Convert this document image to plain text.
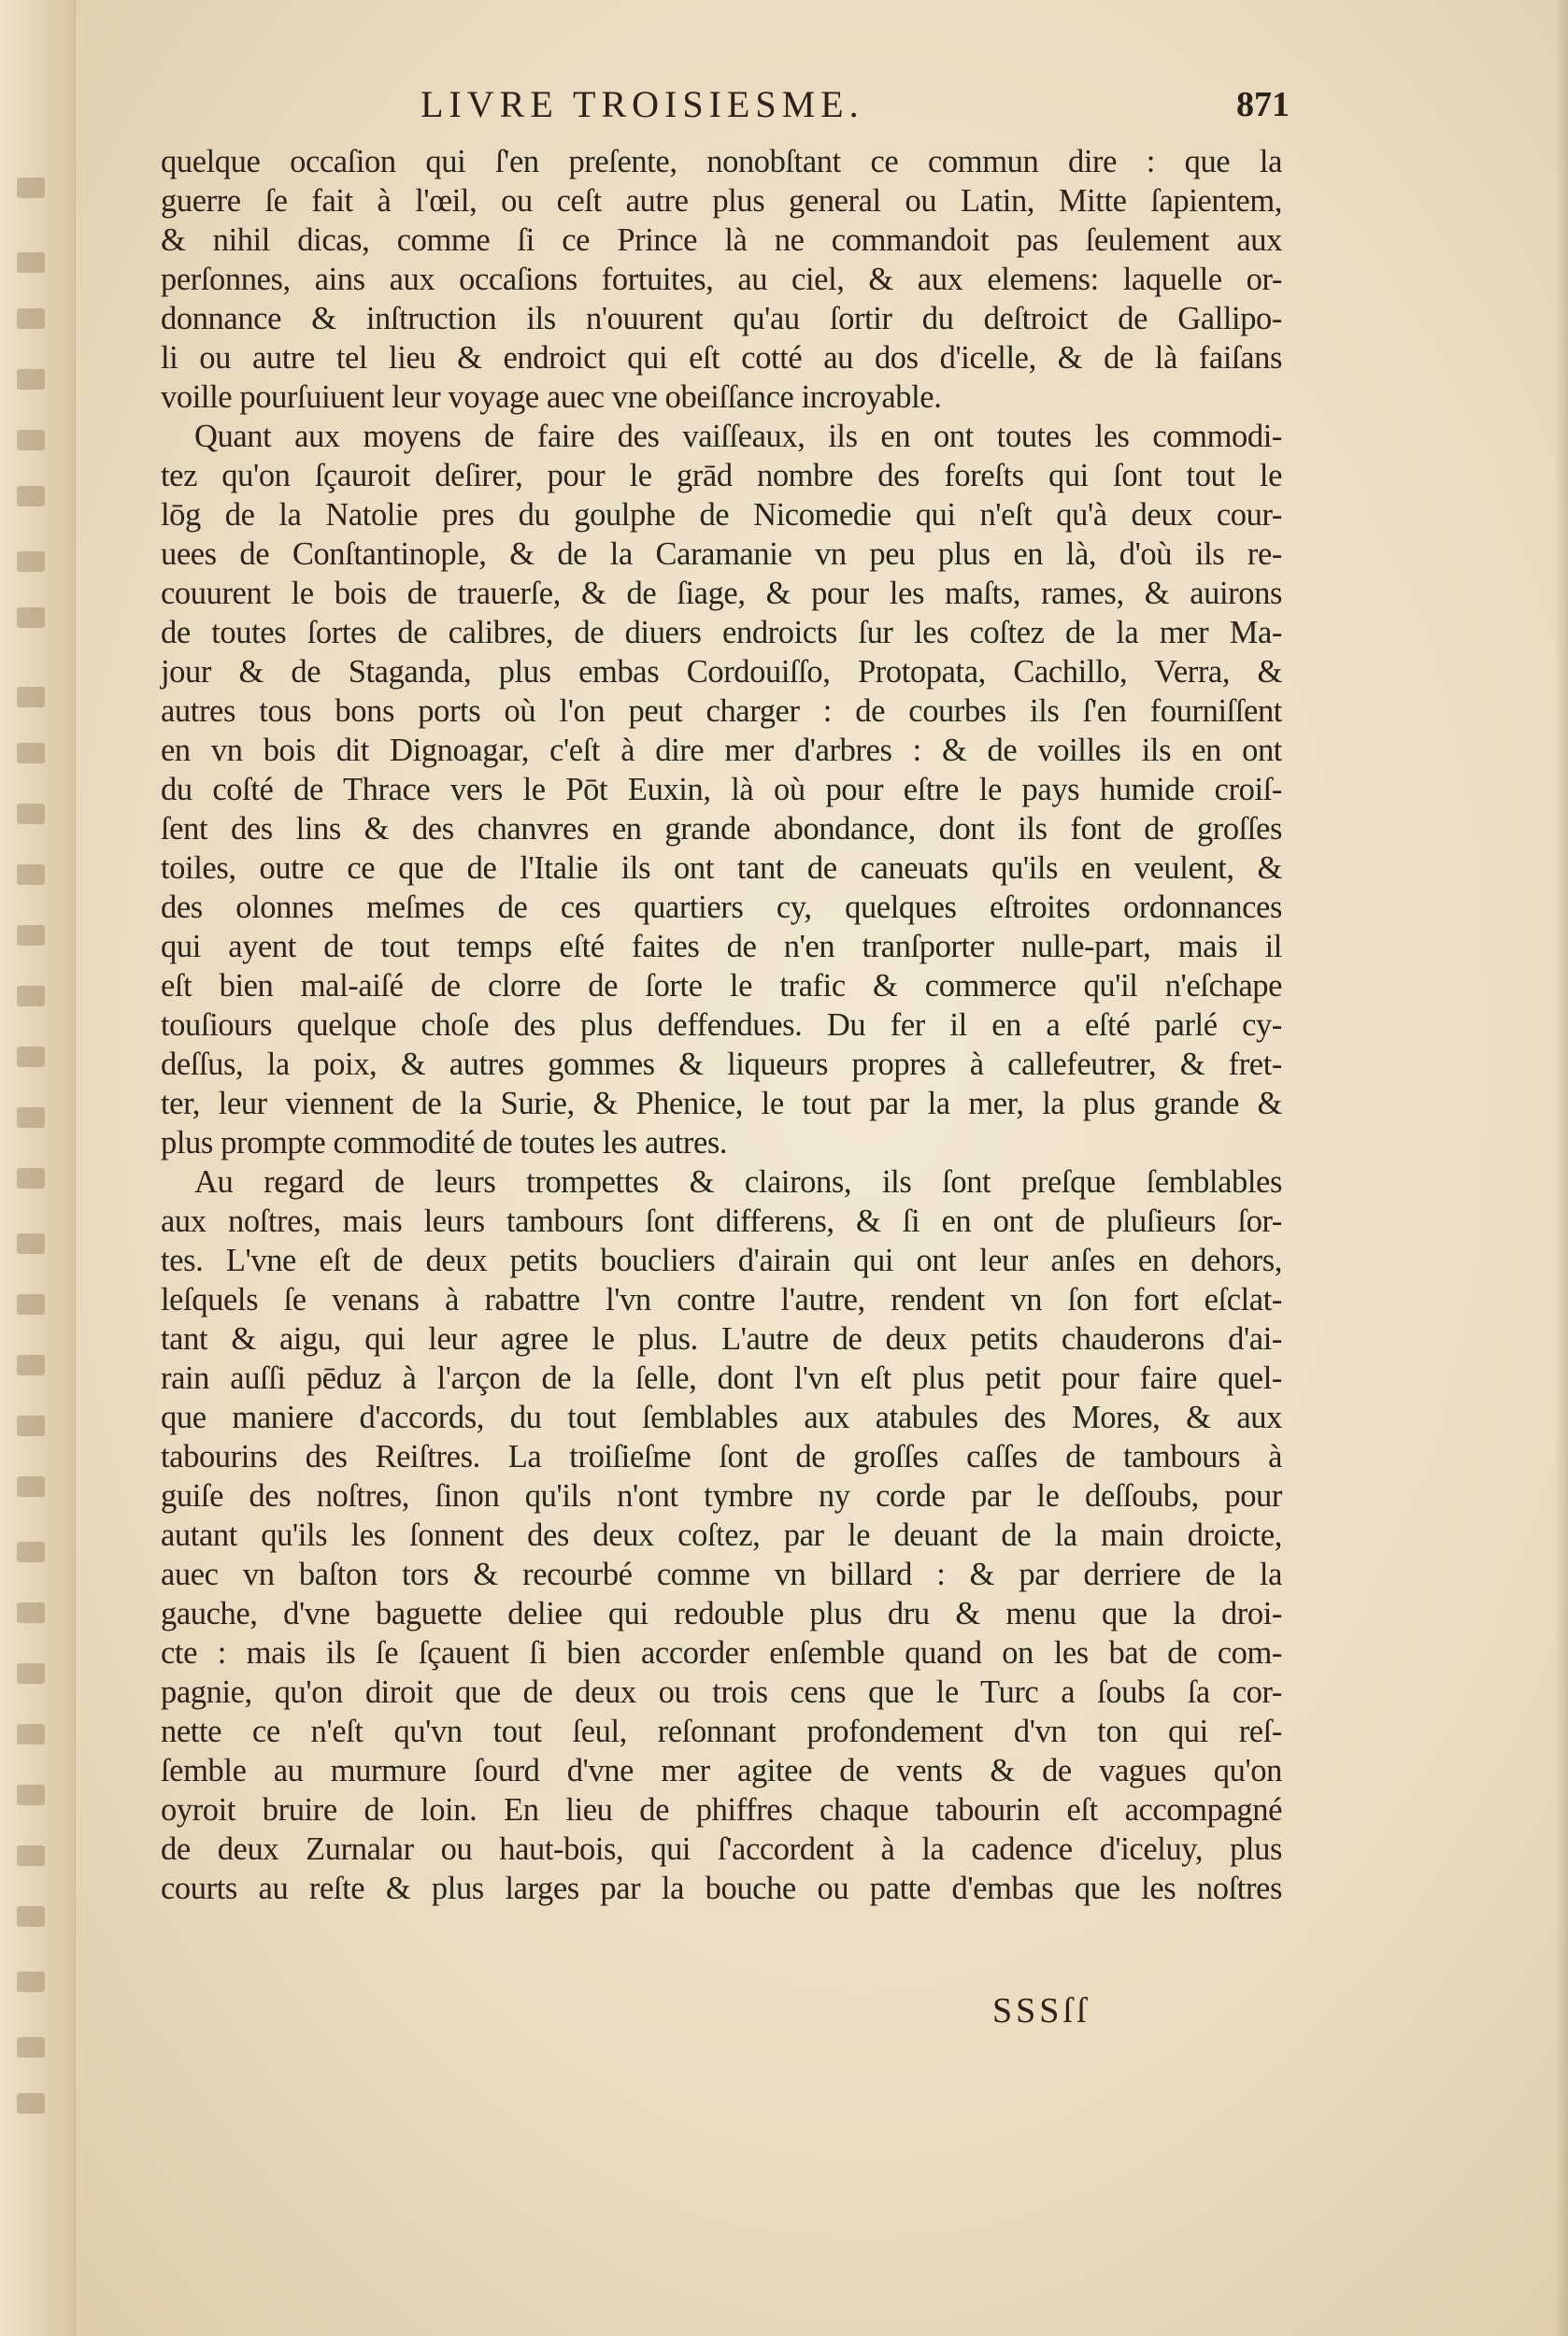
LIVRE TROISIESME.	871
quelque occaſion qui ſ'en preſente, nonobſtant ce commun dire : que la
guerre ſe fait à l'œil, ou ceſt autre plus general ou Latin, Mitte ſapientem,
& nihil dicas, comme ſi ce Prince là ne commandoit pas ſeulement aux
perſonnes, ains aux occaſions fortuites, au ciel, & aux elemens: laquelle or-
donnance & inſtruction ils n'ouurent qu'au ſortir du deſtroict de Gallipo-
li ou autre tel lieu & endroict qui eſt cotté au dos d'icelle, & de là faiſans
voille pourſuiuent leur voyage auec vne obeiſſance incroyable.
Quant aux moyens de faire des vaiſſeaux, ils en ont toutes les commodi-
tez qu'on ſçauroit deſirer, pour le grād nombre des foreſts qui ſont tout le
lōg de la Natolie pres du goulphe de Nicomedie qui n'eſt qu'à deux cour-
uees de Conſtantinople, & de la Caramanie vn peu plus en là, d'où ils re-
couurent le bois de trauerſe, & de ſiage, & pour les maſts, rames, & auirons
de toutes ſortes de calibres, de diuers endroicts ſur les coſtez de la mer Ma-
jour & de Staganda, plus embas Cordouiſſo, Protopata, Cachillo, Verra, &
autres tous bons ports où l'on peut charger : de courbes ils ſ'en fourniſſent
en vn bois dit Dignoagar, c'eſt à dire mer d'arbres : & de voilles ils en ont
du coſté de Thrace vers le Pōt Euxin, là où pour eſtre le pays humide croiſ-
ſent des lins & des chanvres en grande abondance, dont ils font de groſſes
toiles, outre ce que de l'Italie ils ont tant de caneuats qu'ils en veulent, &
des olonnes meſmes de ces quartiers cy, quelques eſtroites ordonnances
qui ayent de tout temps eſté faites de n'en tranſporter nulle-part, mais il
eſt bien mal-aiſé de clorre de ſorte le trafic & commerce qu'il n'eſchape
touſiours quelque choſe des plus deffendues. Du fer il en a eſté parlé cy-
deſſus, la poix, & autres gommes & liqueurs propres à callefeutrer, & fret-
ter, leur viennent de la Surie, & Phenice, le tout par la mer, la plus grande &
plus prompte commodité de toutes les autres.
Au regard de leurs trompettes & clairons, ils ſont preſque ſemblables
aux noſtres, mais leurs tambours ſont differens, & ſi en ont de pluſieurs ſor-
tes. L'vne eſt de deux petits boucliers d'airain qui ont leur anſes en dehors,
leſquels ſe venans à rabattre l'vn contre l'autre, rendent vn ſon fort eſclat-
tant & aigu, qui leur agree le plus. L'autre de deux petits chauderons d'ai-
rain auſſi pēduz à l'arçon de la ſelle, dont l'vn eſt plus petit pour faire quel-
que maniere d'accords, du tout ſemblables aux atabules des Mores, & aux
tabourins des Reiſtres. La troiſieſme ſont de groſſes caſſes de tambours à
guiſe des noſtres, ſinon qu'ils n'ont tymbre ny corde par le deſſoubs, pour
autant qu'ils les ſonnent des deux coſtez, par le deuant de la main droicte,
auec vn baſton tors & recourbé comme vn billard : & par derriere de la
gauche, d'vne baguette deliee qui redouble plus dru & menu que la droi-
cte : mais ils ſe ſçauent ſi bien accorder enſemble quand on les bat de com-
pagnie, qu'on diroit que de deux ou trois cens que le Turc a ſoubs ſa cor-
nette ce n'eſt qu'vn tout ſeul, reſonnant profondement d'vn ton qui reſ-
ſemble au murmure ſourd d'vne mer agitee de vents & de vagues qu'on
oyroit bruire de loin. En lieu de phiffres chaque tabourin eſt accompagné
de deux Zurnalar ou haut-bois, qui ſ'accordent à la cadence d'iceluy, plus
courts au reſte & plus larges par la bouche ou patte d'embas que les noſtres
SSSſſ
